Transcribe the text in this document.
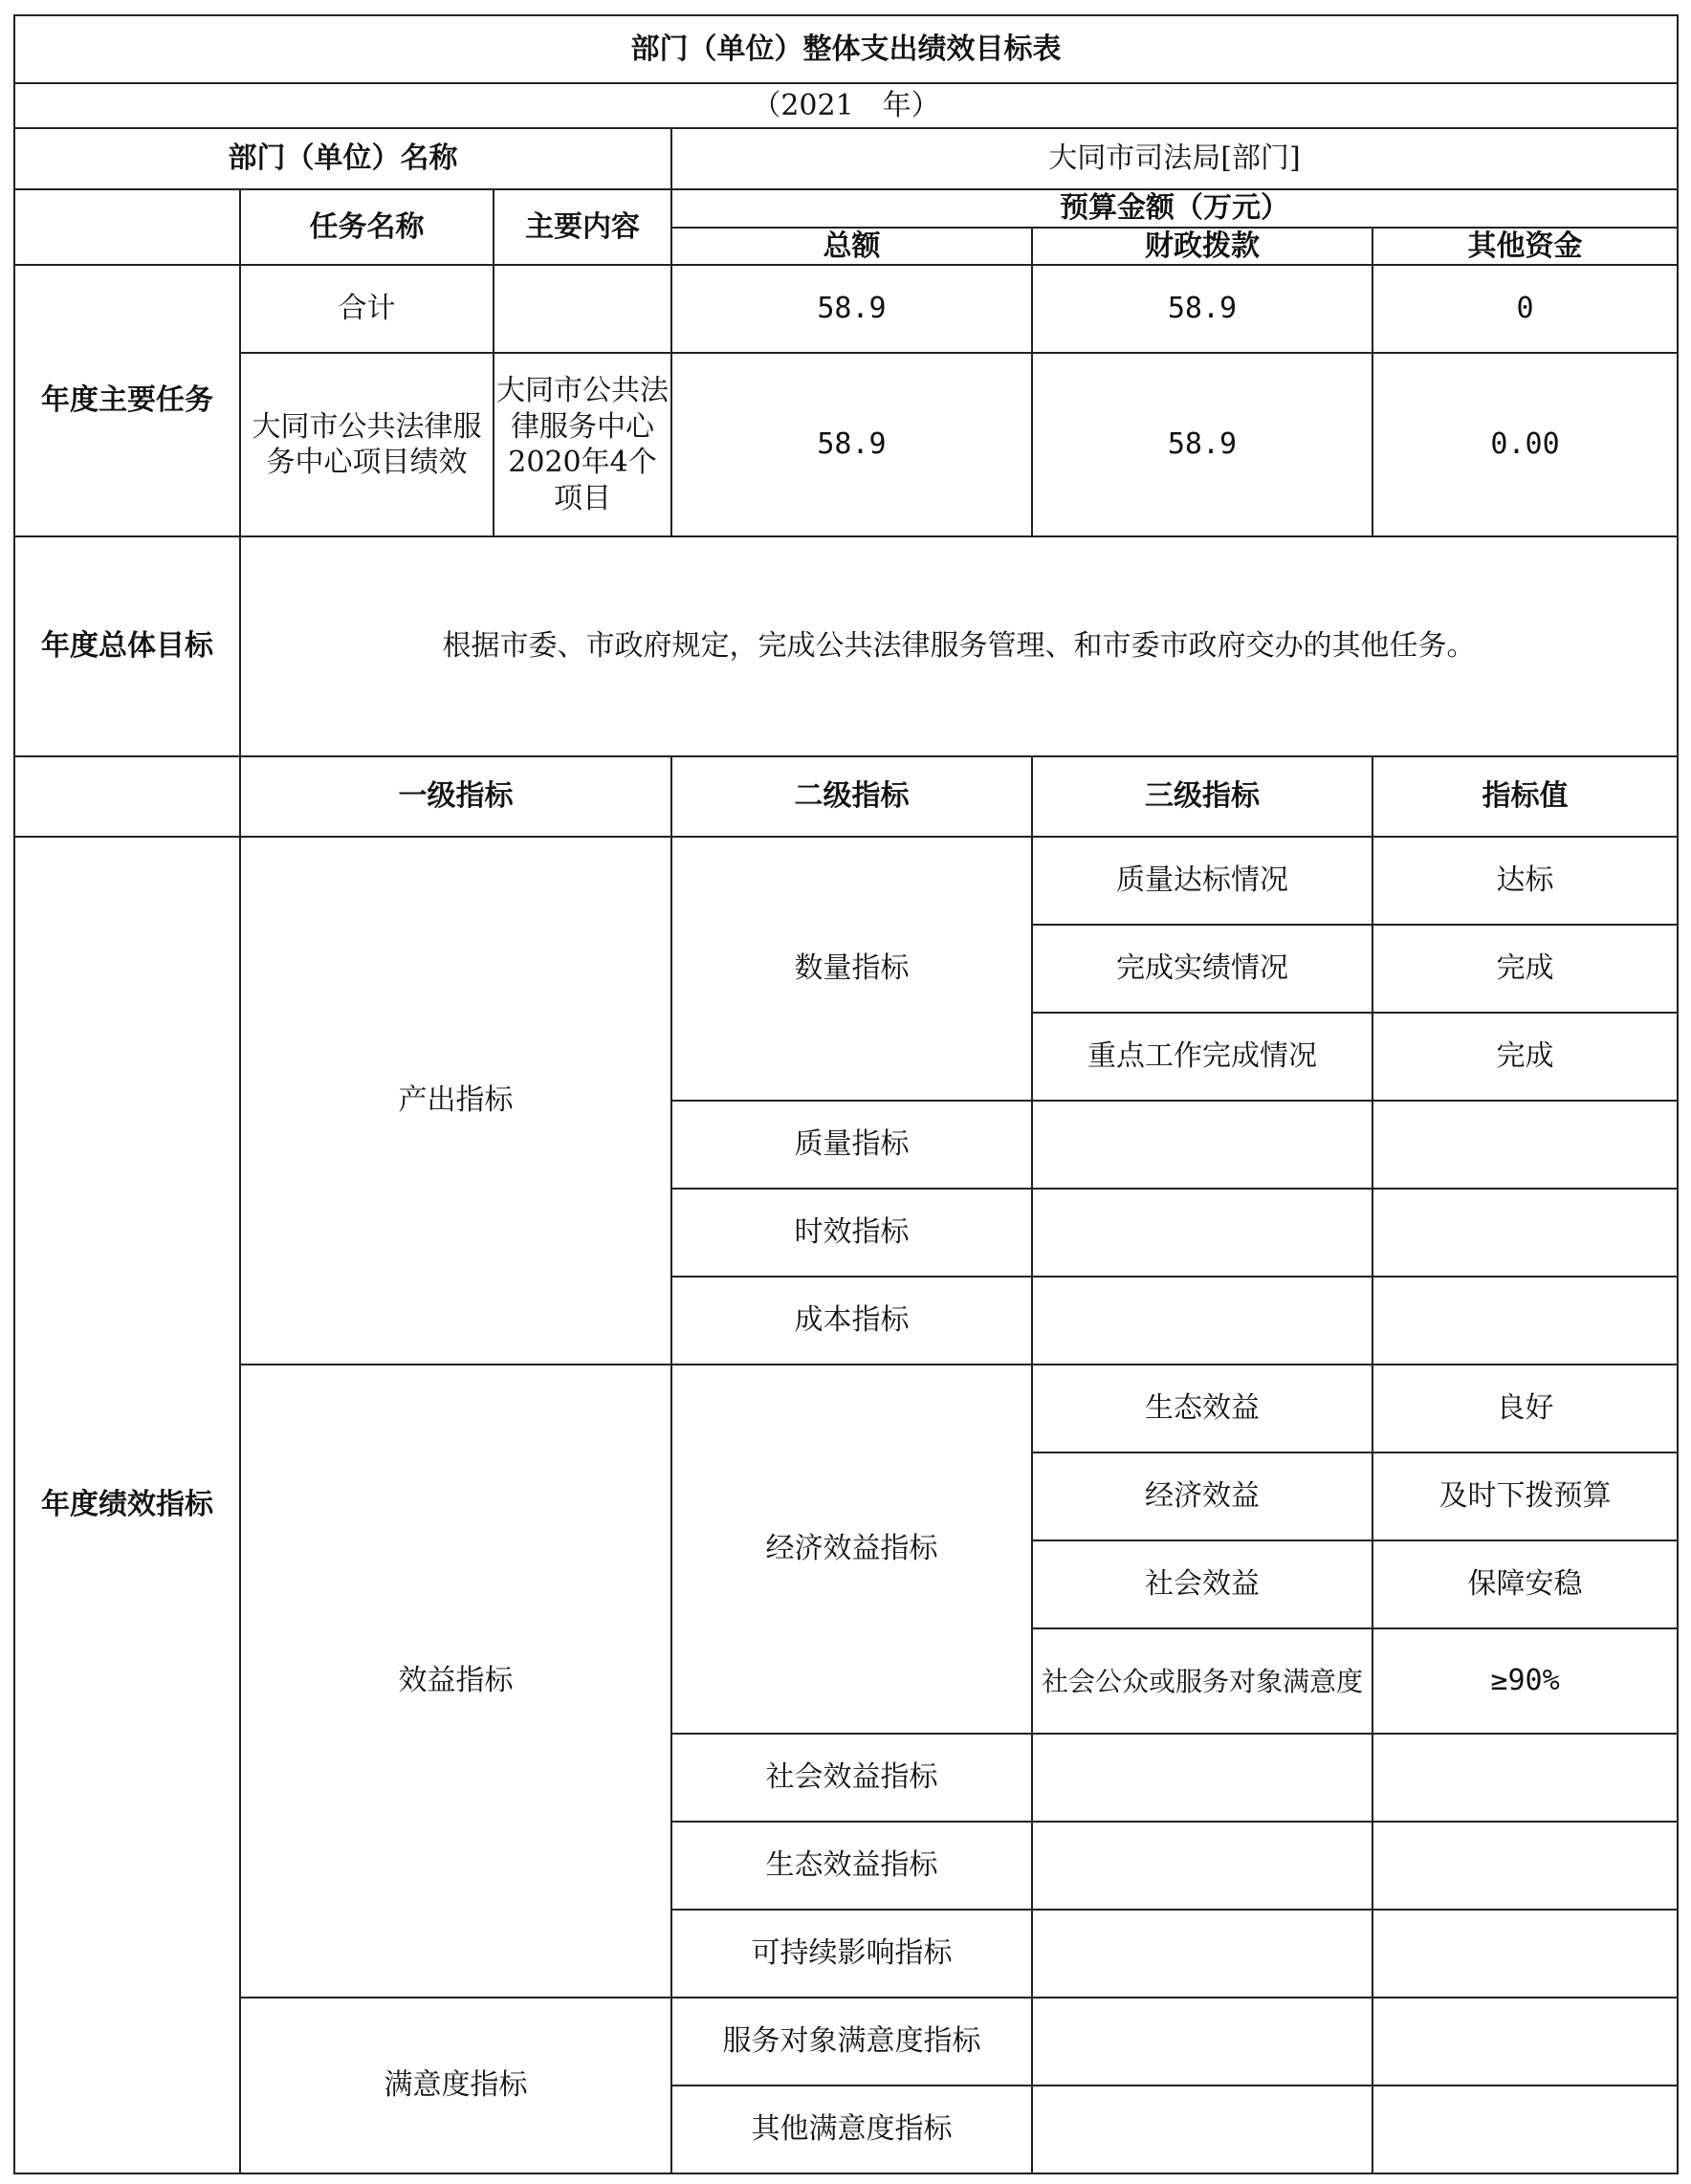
部门（单位）整体支出绩效目标表					
（2021　年）					
部门（单位）名称			大同市司法局[部门]		
	任务名称	主要内容	预算金额（万元）		
			总额	财政拨款	其他资金
年度主要任务	合计		58.9	58.9	0
	大同市公共法律服务中心项目绩效	大同市公共法律服务中心2020年4个项目	58.9	58.9	0.00
年度总体目标	根据市委、市政府规定，完成公共法律服务管理、和市委市政府交办的其他任务。				
	一级指标		二级指标	三级指标	指标值
年度绩效指标	产出指标		数量指标	质量达标情况	达标
				完成实绩情况	完成
				重点工作完成情况	完成
			质量指标		
			时效指标		
			成本指标		
	效益指标		经济效益指标	生态效益	良好
				经济效益	及时下拨预算
				社会效益	保障安稳
				社会公众或服务对象满意度	≥90%
			社会效益指标		
			生态效益指标		
			可持续影响指标		
	满意度指标		服务对象满意度指标		
			其他满意度指标		
